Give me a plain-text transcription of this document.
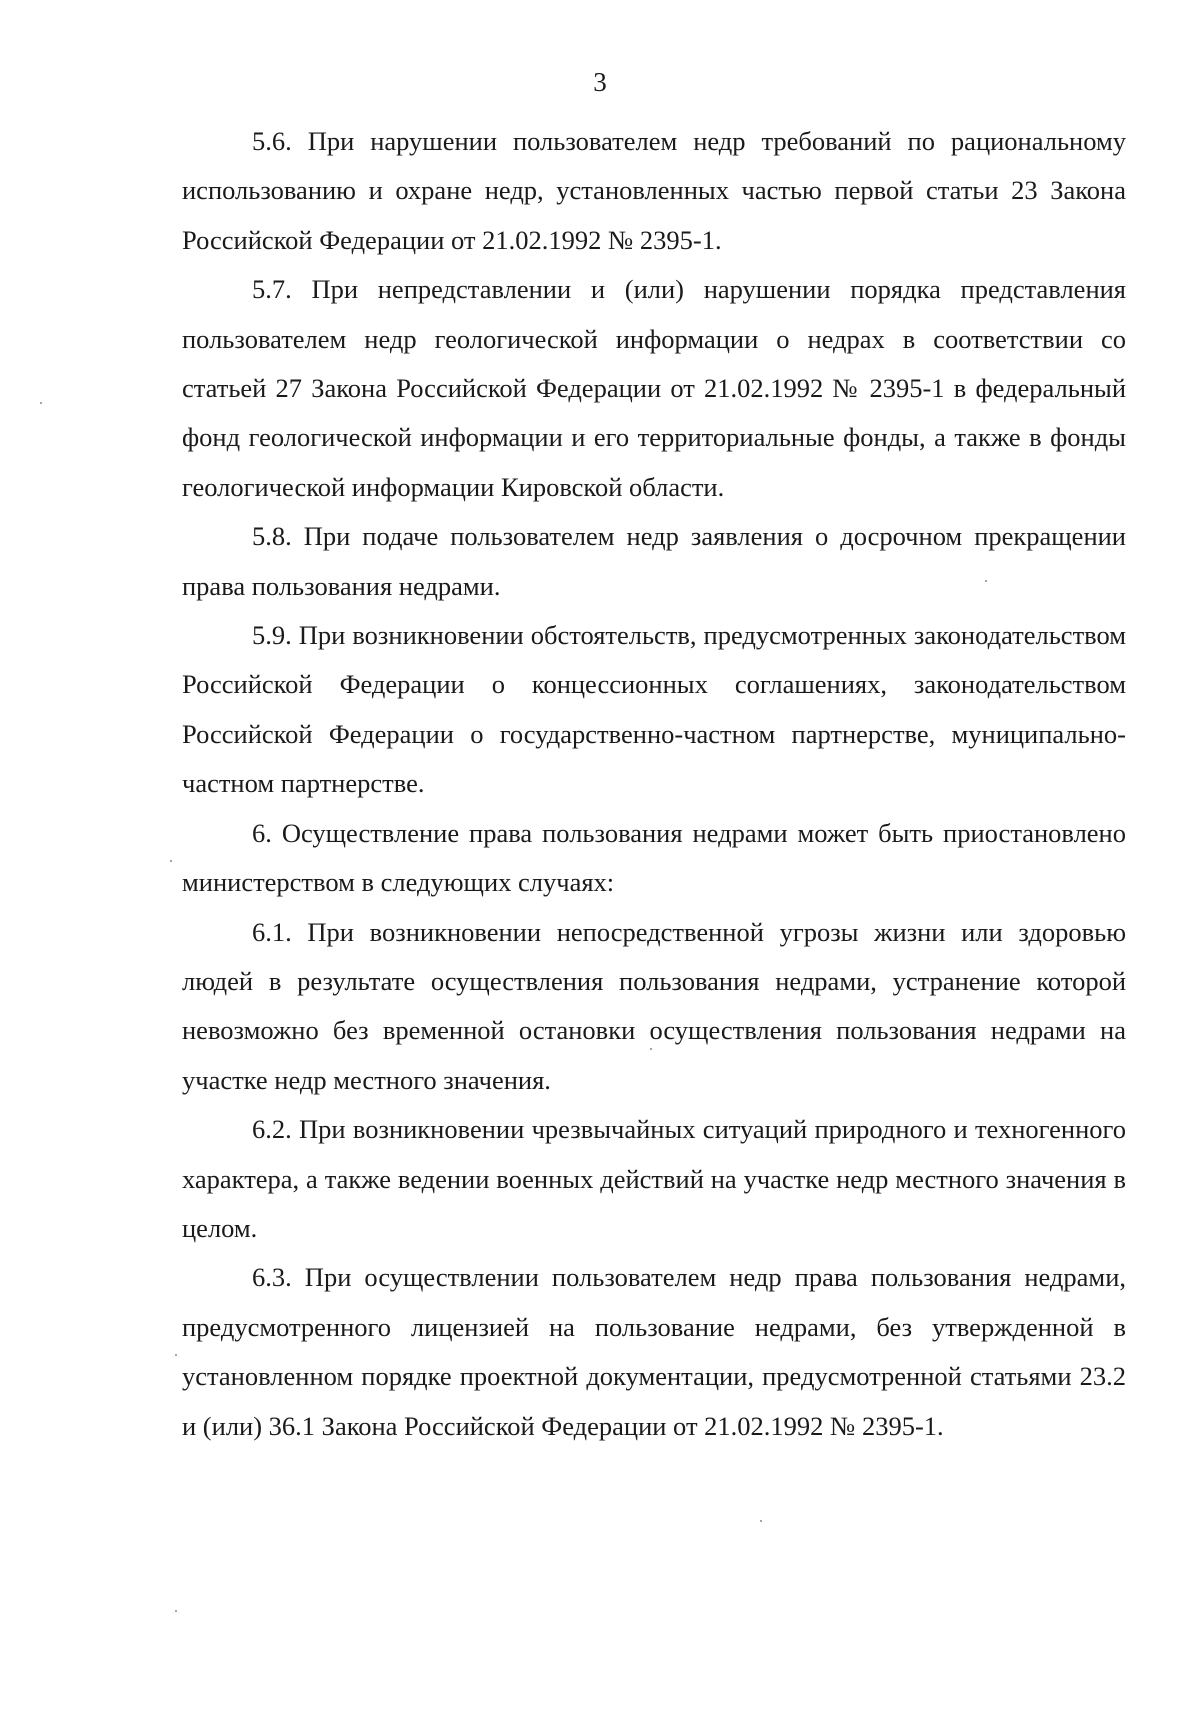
3

5.6. При нарушении пользователем недр требований по рациональному использованию и охране недр, установленных частью первой статьи 23 Закона Российской Федерации от 21.02.1992 № 2395-1.

5.7. При непредставлении и (или) нарушении порядка представления пользователем недр геологической информации о недрах в соответствии со статьей 27 Закона Российской Федерации от 21.02.1992 № 2395-1 в федеральный фонд геологической информации и его территориальные фонды, а также в фонды геологической информации Кировской области.

5.8. При подаче пользователем недр заявления о досрочном прекращении права пользования недрами.

5.9. При возникновении обстоятельств, предусмотренных законодательством Российской Федерации о концессионных соглашениях, законодательством Российской Федерации о государственно-частном партнерстве, муниципально-частном партнерстве.

6. Осуществление права пользования недрами может быть приостановлено министерством в следующих случаях:

6.1. При возникновении непосредственной угрозы жизни или здоровью людей в результате осуществления пользования недрами, устранение которой невозможно без временной остановки осуществления пользования недрами на участке недр местного значения.

6.2. При возникновении чрезвычайных ситуаций природного и техногенного характера, а также ведении военных действий на участке недр местного значения в целом.

6.3. При осуществлении пользователем недр права пользования недрами, предусмотренного лицензией на пользование недрами, без утвержденной в установленном порядке проектной документации, предусмотренной статьями 23.2 и (или) 36.1 Закона Российской Федерации от 21.02.1992 № 2395-1.
